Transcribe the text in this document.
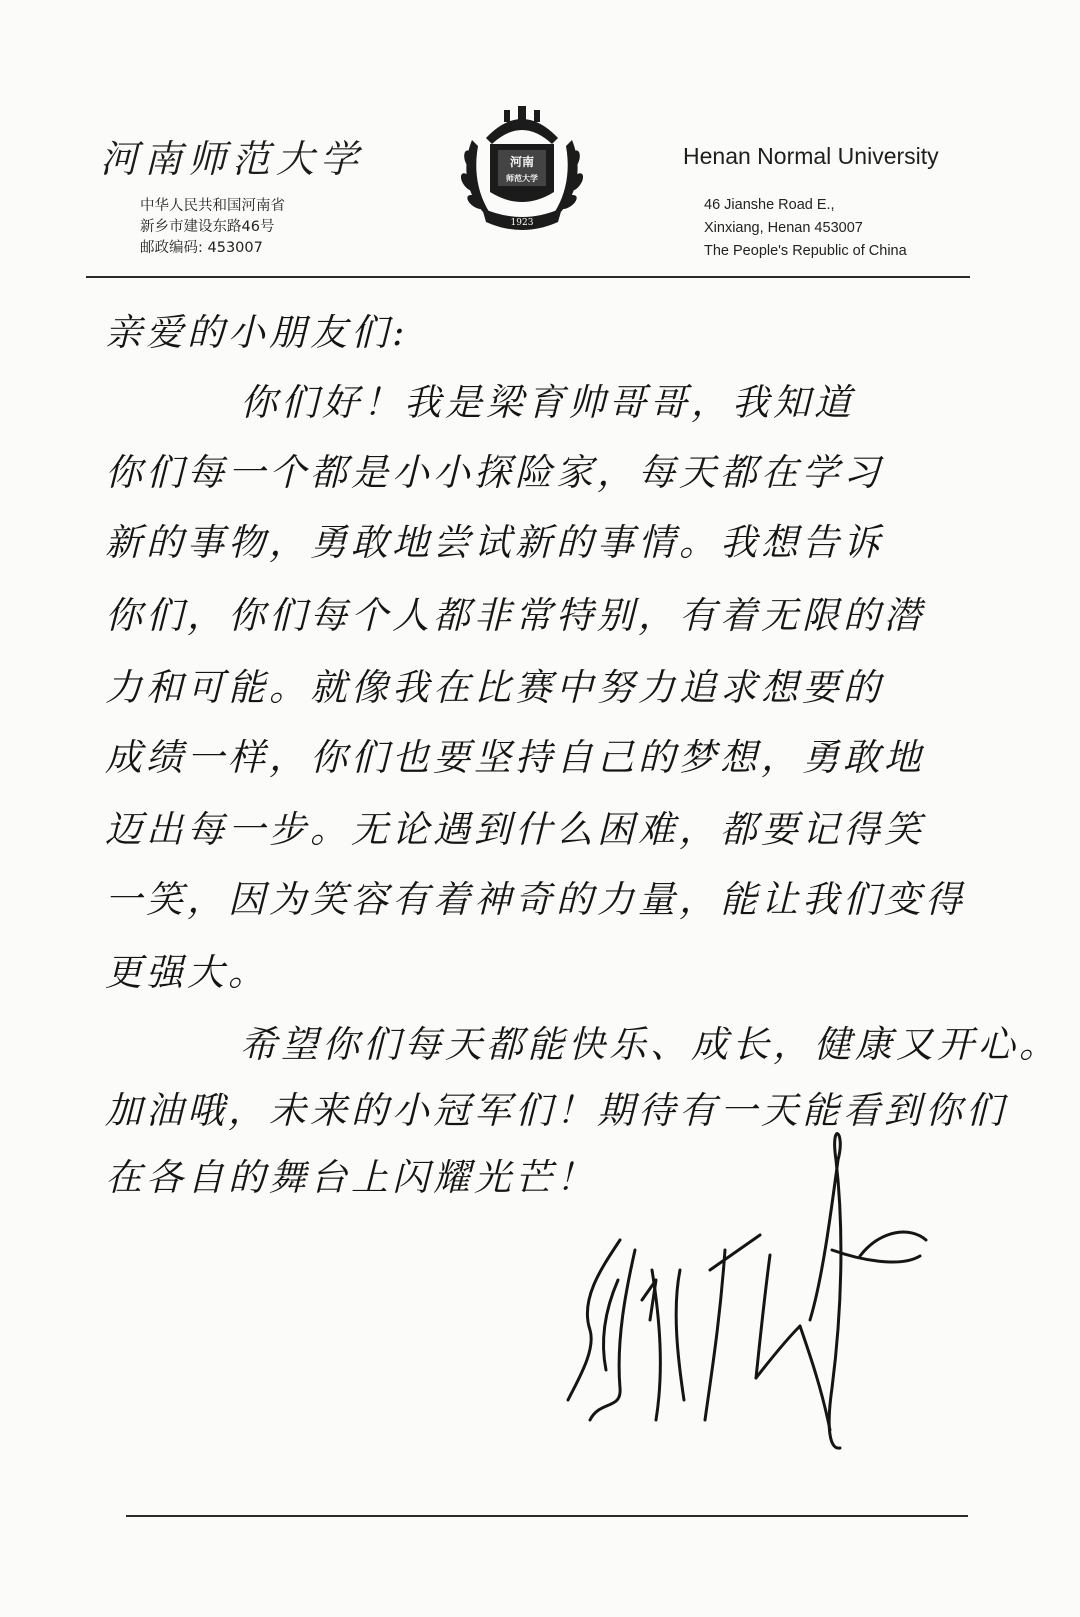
河南师范大学
中华人民共和国河南省
新乡市建设东路46号
邮政编码: 453007
河南
师范大学
1923
Henan Normal University
46 Jianshe Road E.,
Xinxiang, Henan 453007
The People's Republic of China
亲爱的小朋友们:
你们好！我是梁育帅哥哥，我知道
你们每一个都是小小探险家，每天都在学习
新的事物，勇敢地尝试新的事情。我想告诉
你们，你们每个人都非常特别，有着无限的潜
力和可能。就像我在比赛中努力追求想要的
成绩一样，你们也要坚持自己的梦想，勇敢地
迈出每一步。无论遇到什么困难，都要记得笑
一笑，因为笑容有着神奇的力量，能让我们变得
更强大。
希望你们每天都能快乐、成长，健康又开心。
加油哦，未来的小冠军们！期待有一天能看到你们
在各自的舞台上闪耀光芒！
